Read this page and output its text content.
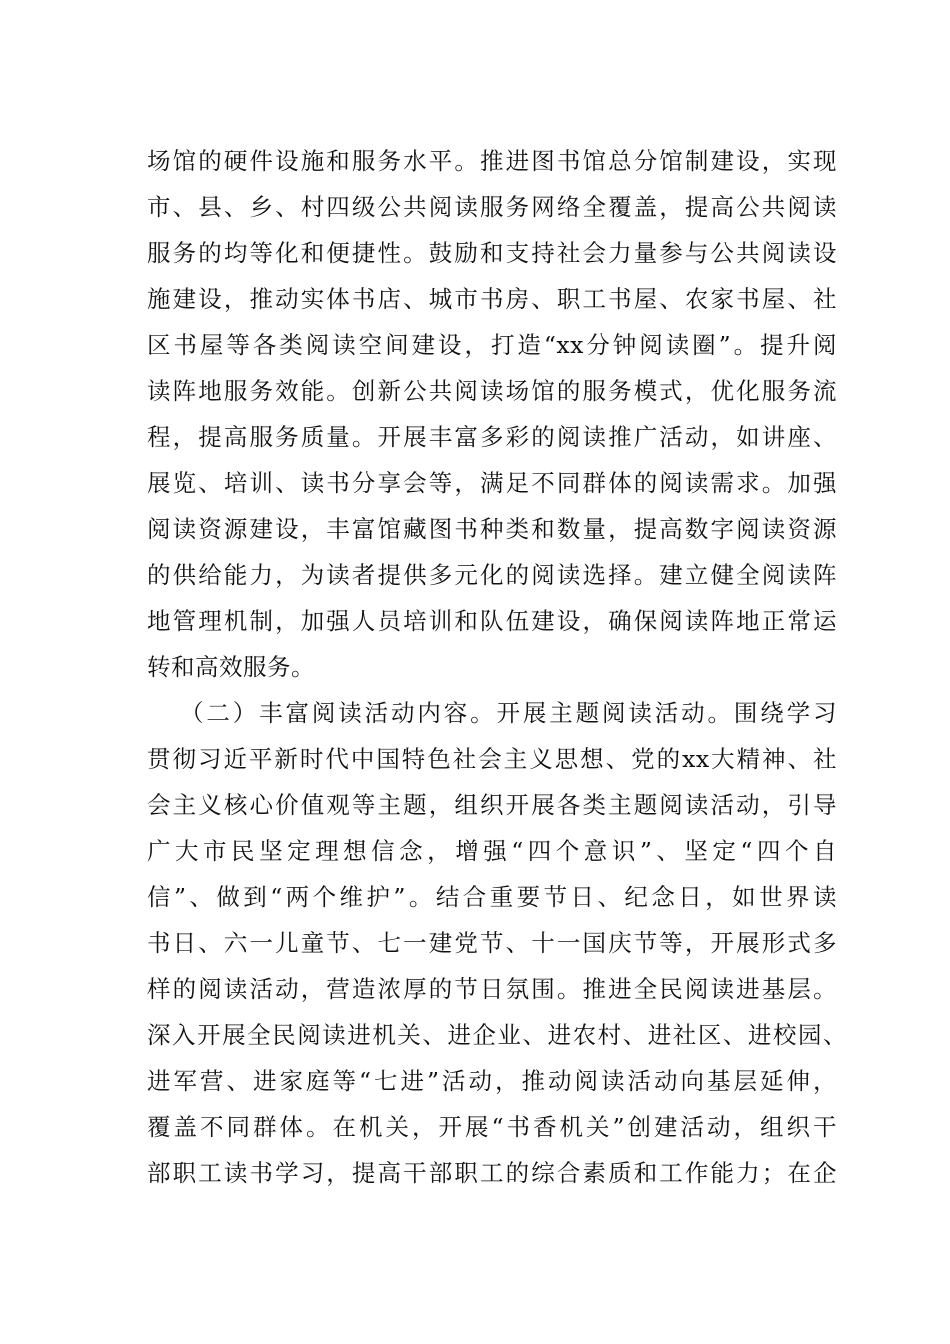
场馆的硬件设施和服务水平。推进图书馆总分馆制建设，实现
市、县、乡、村四级公共阅读服务网络全覆盖，提高公共阅读
服务的均等化和便捷性。鼓励和支持社会力量参与公共阅读设
施建设，推动实体书店、城市书房、职工书屋、农家书屋、社
区书屋等各类阅读空间建设，打造“xx分钟阅读圈”。提升阅
读阵地服务效能。创新公共阅读场馆的服务模式，优化服务流
程，提高服务质量。开展丰富多彩的阅读推广活动，如讲座、
展览、培训、读书分享会等，满足不同群体的阅读需求。加强
阅读资源建设，丰富馆藏图书种类和数量，提高数字阅读资源
的供给能力，为读者提供多元化的阅读选择。建立健全阅读阵
地管理机制，加强人员培训和队伍建设，确保阅读阵地正常运
转和高效服务。
（二）丰富阅读活动内容。开展主题阅读活动。围绕学习
贯彻习近平新时代中国特色社会主义思想、党的xx大精神、社
会主义核心价值观等主题，组织开展各类主题阅读活动，引导
广大市民坚定理想信念，增强“四个意识”、坚定“四个自
信”、做到“两个维护”。结合重要节日、纪念日，如世界读
书日、六一儿童节、七一建党节、十一国庆节等，开展形式多
样的阅读活动，营造浓厚的节日氛围。推进全民阅读进基层。
深入开展全民阅读进机关、进企业、进农村、进社区、进校园、
进军营、进家庭等“七进”活动，推动阅读活动向基层延伸，
覆盖不同群体。在机关，开展“书香机关”创建活动，组织干
部职工读书学习，提高干部职工的综合素质和工作能力；在企
